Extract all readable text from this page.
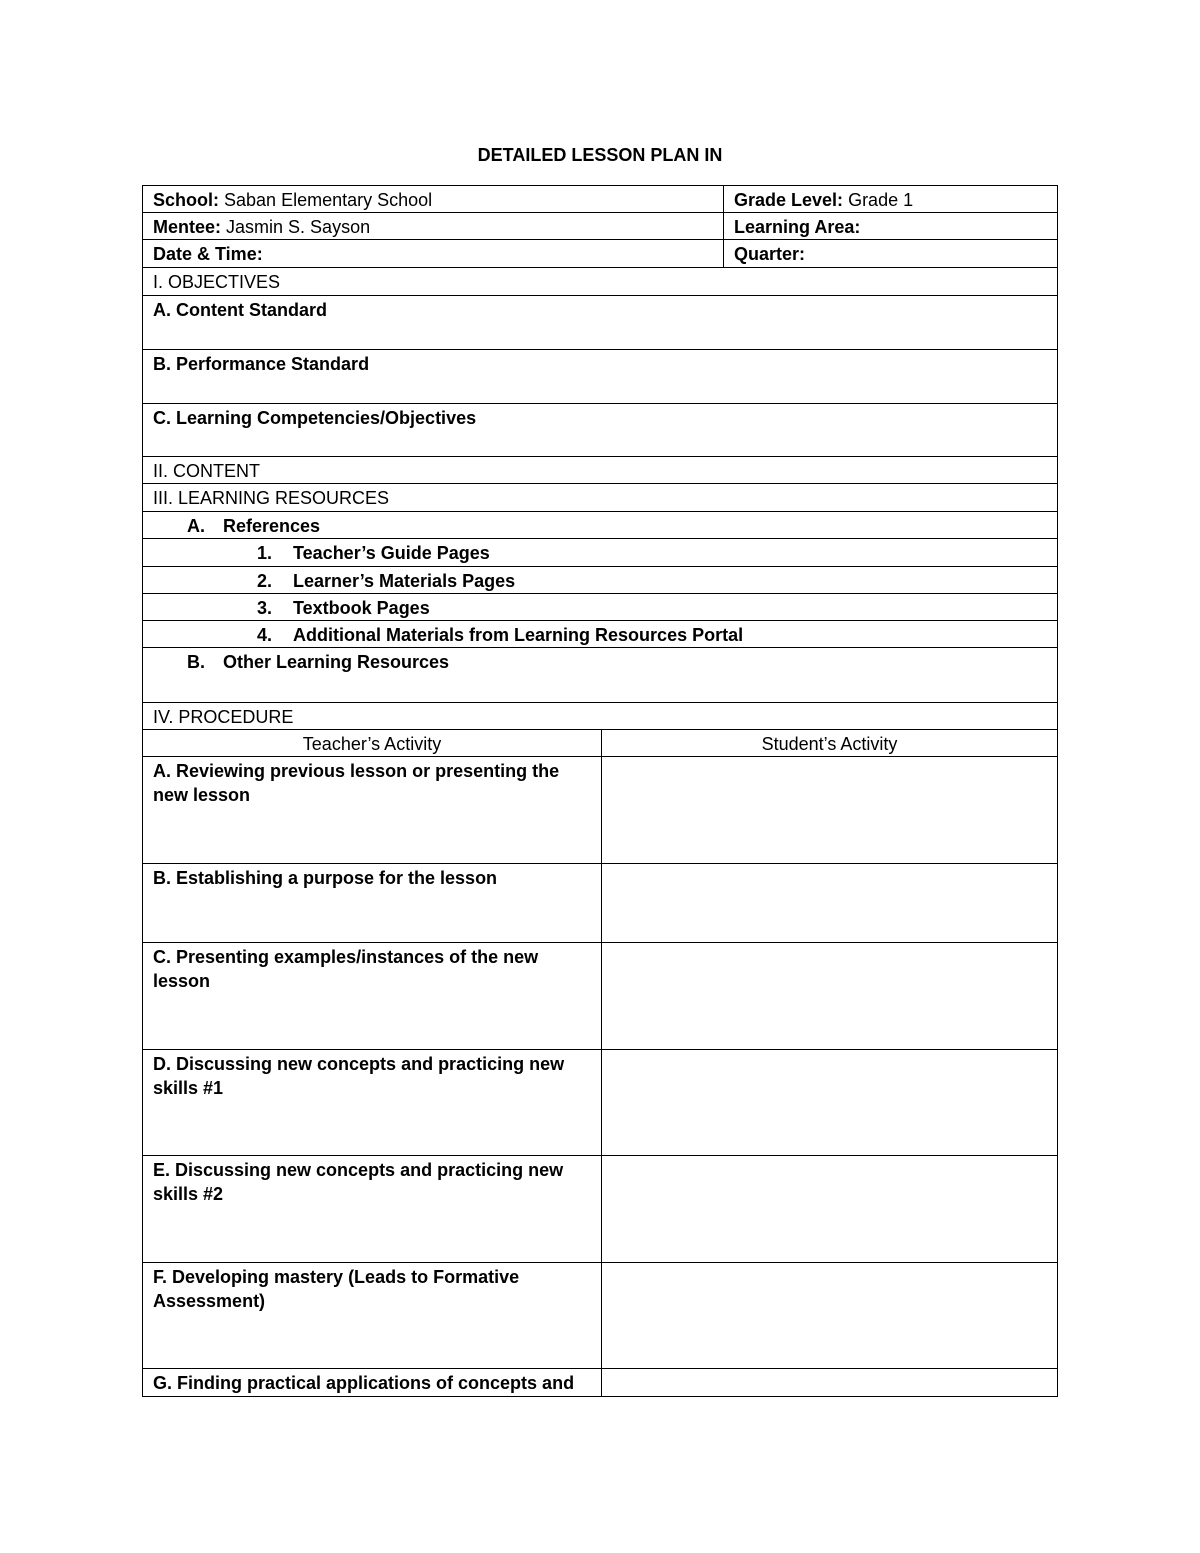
DETAILED LESSON PLAN IN
School: Saban Elementary School	Grade Level: Grade 1
Mentee: Jasmin S. Sayson	Learning Area:
Date & Time:	Quarter:
I. OBJECTIVES
A. Content Standard
B. Performance Standard
C. Learning Competencies/Objectives
II. CONTENT
III. LEARNING RESOURCES
A.	References
1. Teacher’s Guide Pages
2. Learner’s Materials Pages
3. Textbook Pages
4. Additional Materials from Learning Resources Portal
B. Other Learning Resources
IV. PROCEDURE
Teacher’s Activity	Student’s Activity
A. Reviewing previous lesson or presenting the new lesson
B. Establishing a purpose for the lesson
C. Presenting examples/instances of the new lesson
D. Discussing new concepts and practicing new skills #1
E. Discussing new concepts and practicing new skills #2
F. Developing mastery (Leads to Formative Assessment)
G. Finding practical applications of concepts and
